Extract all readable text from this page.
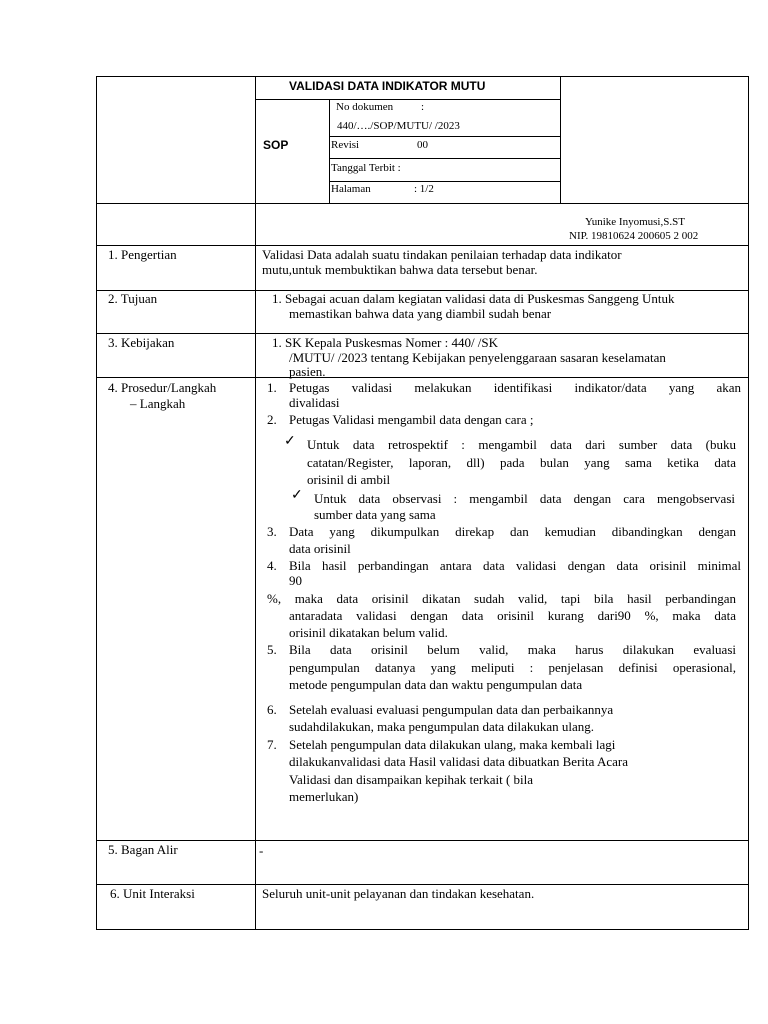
VALIDASI DATA INDIKATOR MUTU
SOP
No dokumen	:
440/…./SOP/MUTU/ /2023
Revisi	00
Tanggal Terbit :
Halaman	: 1/2
Yunike Inyomusi,S.ST
NIP. 19810624 200605 2 002
1. Pengertian	Validasi Data adalah suatu tindakan penilaian terhadap data indikator
mutu,untuk membuktikan bahwa data tersebut benar.
2. Tujuan	1. Sebagai acuan dalam kegiatan validasi data di Puskesmas Sanggeng Untuk
memastikan bahwa data yang diambil sudah benar
3. Kebijakan	1. SK Kepala Puskesmas Nomer : 440/ /SK
/MUTU/ /2023 tentang Kebijakan penyelenggaraan sasaran keselamatan
pasien.
4. Prosedur/Langkah
– Langkah
1. Petugas validasi melakukan identifikasi indikator/data yang akan
divalidasi
2. Petugas Validasi mengambil data dengan cara ;
✓ Untuk data retrospektif : mengambil data dari sumber data (buku
catatan/Register, laporan, dll) pada bulan yang sama ketika data
orisinil di ambil
✓ Untuk data observasi : mengambil data dengan cara mengobservasi
sumber data yang sama
3. Data yang dikumpulkan direkap dan kemudian dibandingkan dengan
data orisinil
4. Bila hasil perbandingan antara data validasi dengan data orisinil minimal
90
%, maka data orisinil dikatan sudah valid, tapi bila hasil perbandingan
antaradata validasi dengan data orisinil kurang dari90 %, maka data
orisinil dikatakan belum valid.
5. Bila data orisinil belum valid, maka harus dilakukan evaluasi
pengumpulan datanya yang meliputi : penjelasan definisi operasional,
metode pengumpulan data dan waktu pengumpulan data
6. Setelah evaluasi evaluasi pengumpulan data dan perbaikannya
sudahdilakukan, maka pengumpulan data dilakukan ulang.
7. Setelah pengumpulan data dilakukan ulang, maka kembali lagi
dilakukanvalidasi data Hasil validasi data dibuatkan Berita Acara
Validasi dan disampaikan kepihak terkait ( bila
memerlukan)
5. Bagan Alir	-
6. Unit Interaksi	Seluruh unit-unit pelayanan dan tindakan kesehatan.
